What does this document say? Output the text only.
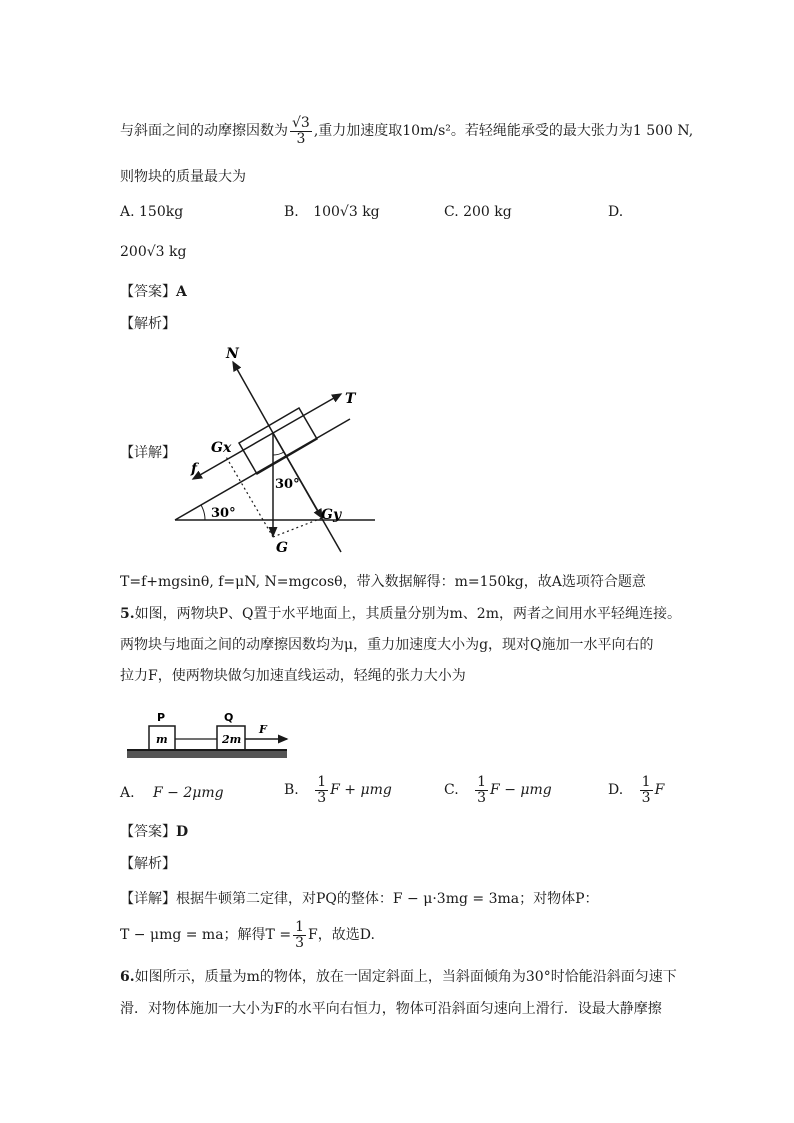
与斜面之间的动摩擦因数为 $\frac{√3}{3}$ ,重力加速度取10m/s²。若轻绳能承受的最大张力为1 500 N,
则物块的质量最大为
A. 150kg	B. 100√3 kg	C. 200 kg	D.
200√3 kg
【答案】A
【解析】
【详解】
N
T
Gx
f
30°
30°	Gy
G
T=f+mgsinθ, f=μN, N=mgcosθ，带入数据解得：m=150kg，故A选项符合题意
5.如图，两物块P、Q置于水平地面上，其质量分别为m、2m，两者之间用水平轻绳连接。
两物块与地面之间的动摩擦因数均为μ，重力加速度大小为g，现对Q施加一水平向右的
拉力F，使两物块做匀加速直线运动，轻绳的张力大小为
P	Q
m	2m
F
A. F − 2μmg	B. $\frac{1}{3}$ F + μmg	C. $\frac{1}{3}$ F − μmg	D. $\frac{1}{3}$ F
【答案】D
【解析】
【详解】根据牛顿第二定律，对PQ的整体：F − μ·3mg = 3ma；对物体P：
T − μmg = ma；解得$T = \frac{1}{3}$ F，故选D.
6.如图所示，质量为m的物体，放在一固定斜面上，当斜面倾角为30°时恰能沿斜面匀速下
滑．对物体施加一大小为F的水平向右恒力，物体可沿斜面匀速向上滑行．设最大静摩擦
